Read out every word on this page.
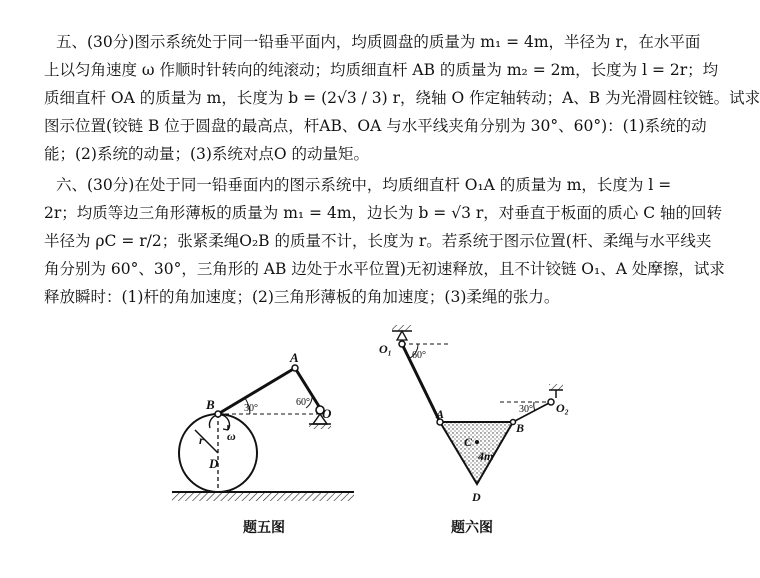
五、(30分)图示系统处于同一铅垂平面内，均质圆盘的质量为 m₁ = 4m，半径为 r，在水平面
上以匀角速度 ω 作顺时针转向的纯滚动；均质细直杆 AB 的质量为 m₂ = 2m，长度为 l = 2r；均
质细直杆 OA 的质量为 m，长度为 b = (2√3 / 3) r，绕轴 O 作定轴转动；A、B 为光滑圆柱铰链。试求
图示位置(铰链 B 位于圆盘的最高点，杆AB、OA 与水平线夹角分别为 30°、60°)：(1)系统的动
能；(2)系统的动量；(3)系统对点O 的动量矩。
六、(30分)在处于同一铅垂面内的图示系统中，均质细直杆 O₁A 的质量为 m，长度为 l =
2r；均质等边三角形薄板的质量为 m₁ = 4m，边长为 b = √3 r，对垂直于板面的质心 C 轴的回转
半径为 ρC = r/2；张紧柔绳O₂B 的质量不计，长度为 r。若系统于图示位置(杆、柔绳与水平线夹
角分别为 60°、30°，三角形的 AB 边处于水平位置)无初速释放，且不计铰链 O₁、A 处摩擦，试求
释放瞬时：(1)杆的角加速度；(2)三角形薄板的角加速度；(3)柔绳的张力。
A
B
O
D
r ω
30°
60°
题五图
O₁ 60°
A
B
C
D
4m
30° O₂
题六图
